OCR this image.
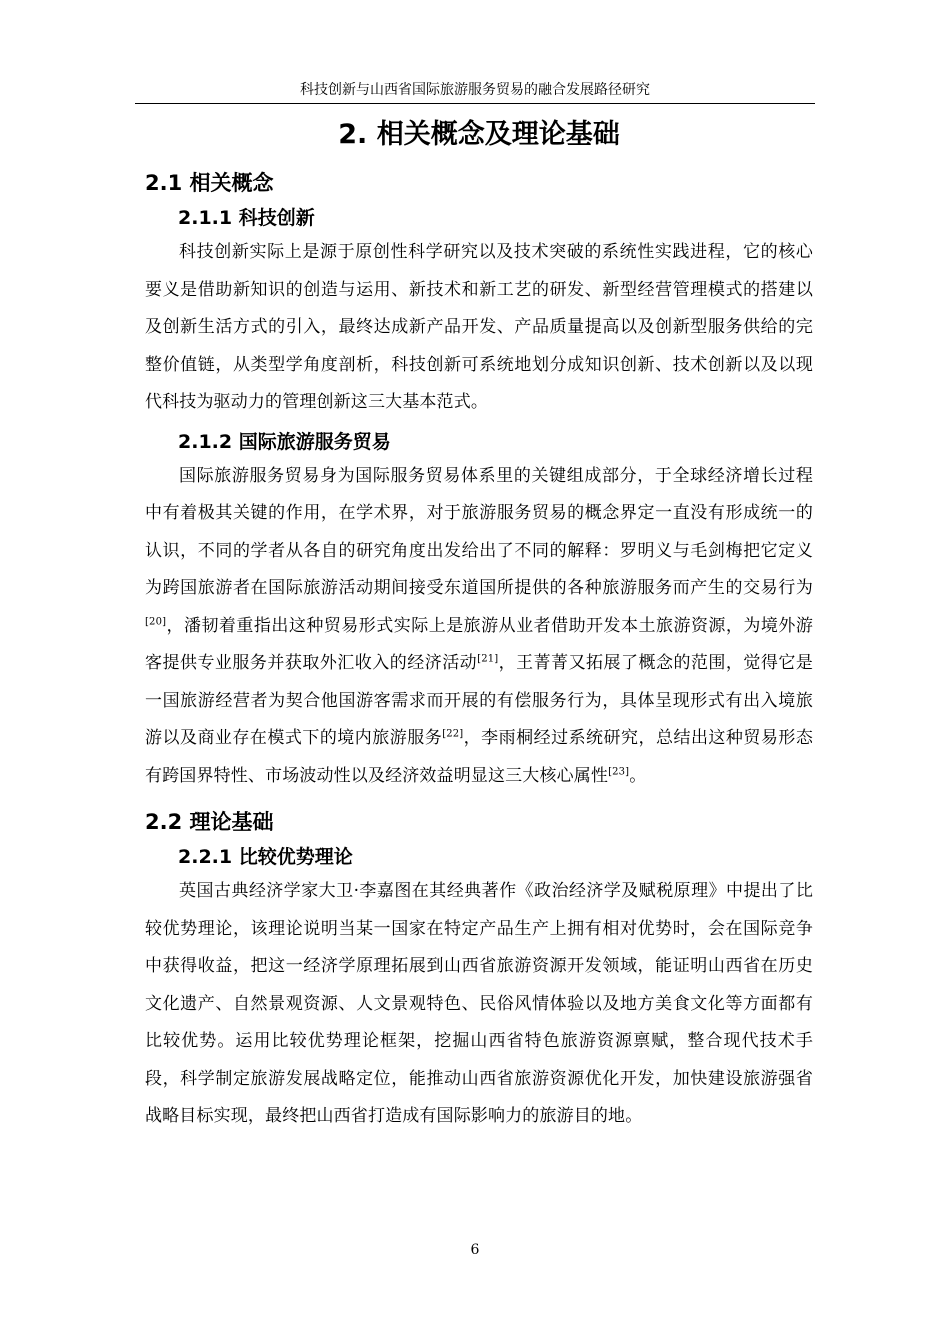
科技创新与山西省国际旅游服务贸易的融合发展路径研究
2. 相关概念及理论基础
2.1 相关概念
2.1.1 科技创新

科技创新实际上是源于原创性科学研究以及技术突破的系统性实践进程，它的核心要义是借助新知识的创造与运用、新技术和新工艺的研发、新型经营管理模式的搭建以及创新生活方式的引入，最终达成新产品开发、产品质量提高以及创新型服务供给的完整价值链，从类型学角度剖析，科技创新可系统地划分成知识创新、技术创新以及以现代科技为驱动力的管理创新这三大基本范式。

2.1.2 国际旅游服务贸易

国际旅游服务贸易身为国际服务贸易体系里的关键组成部分，于全球经济增长过程中有着极其关键的作用，在学术界，对于旅游服务贸易的概念界定一直没有形成统一的认识，不同的学者从各自的研究角度出发给出了不同的解释：罗明义与毛剑梅把它定义为跨国旅游者在国际旅游活动期间接受东道国所提供的各种旅游服务而产生的交易行为[20]，潘韧着重指出这种贸易形式实际上是旅游从业者借助开发本土旅游资源，为境外游客提供专业服务并获取外汇收入的经济活动[21]，王菁菁又拓展了概念的范围，觉得它是一国旅游经营者为契合他国游客需求而开展的有偿服务行为，具体呈现形式有出入境旅游以及商业存在模式下的境内旅游服务[22]，李雨桐经过系统研究，总结出这种贸易形态有跨国界特性、市场波动性以及经济效益明显这三大核心属性[23]。

2.2 理论基础
2.2.1 比较优势理论

英国古典经济学家大卫·李嘉图在其经典著作《政治经济学及赋税原理》中提出了比较优势理论，该理论说明当某一国家在特定产品生产上拥有相对优势时，会在国际竞争中获得收益，把这一经济学原理拓展到山西省旅游资源开发领域，能证明山西省在历史文化遗产、自然景观资源、人文景观特色、民俗风情体验以及地方美食文化等方面都有比较优势。运用比较优势理论框架，挖掘山西省特色旅游资源禀赋，整合现代技术手段，科学制定旅游发展战略定位，能推动山西省旅游资源优化开发，加快建设旅游强省战略目标实现，最终把山西省打造成有国际影响力的旅游目的地。

6
